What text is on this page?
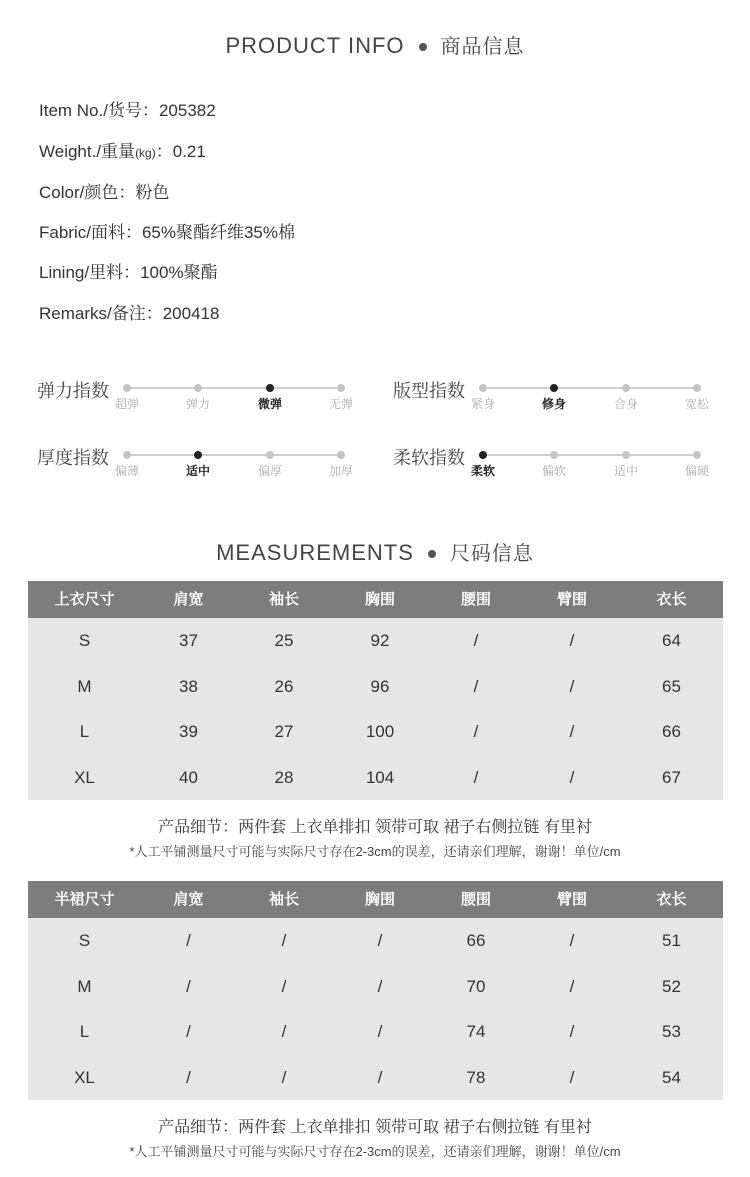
PRODUCT INFO 商品信息
Item No./货号：205382
Weight./重量(kg)：0.21
Color/颜色：粉色
Fabric/面料：65%聚酯纤维35%棉
Lining/里料：100%聚酯
Remarks/备注：200418
弹力指数
超弹	弹力	微弹	无弹
版型指数
紧身	修身	合身	宽松
厚度指数
偏薄	适中	偏厚	加厚
柔软指数
柔软	偏软	适中	偏硬
MEASUREMENTS 尺码信息
上衣尺寸	肩宽	袖长	胸围	腰围	臂围	衣长
S	37	25	92	/	/	64
M	38	26	96	/	/	65
L	39	27	100	/	/	66
XL	40	28	104	/	/	67
产品细节：两件套 上衣单排扣 领带可取 裙子右侧拉链 有里衬
*人工平铺测量尺寸可能与实际尺寸存在2-3cm的误差，还请亲们理解，谢谢！单位/cm
半裙尺寸	肩宽	袖长	胸围	腰围	臂围	衣长
S	/	/	/	66	/	51
M	/	/	/	70	/	52
L	/	/	/	74	/	53
XL	/	/	/	78	/	54
产品细节：两件套 上衣单排扣 领带可取 裙子右侧拉链 有里衬
*人工平铺测量尺寸可能与实际尺寸存在2-3cm的误差，还请亲们理解，谢谢！单位/cm
